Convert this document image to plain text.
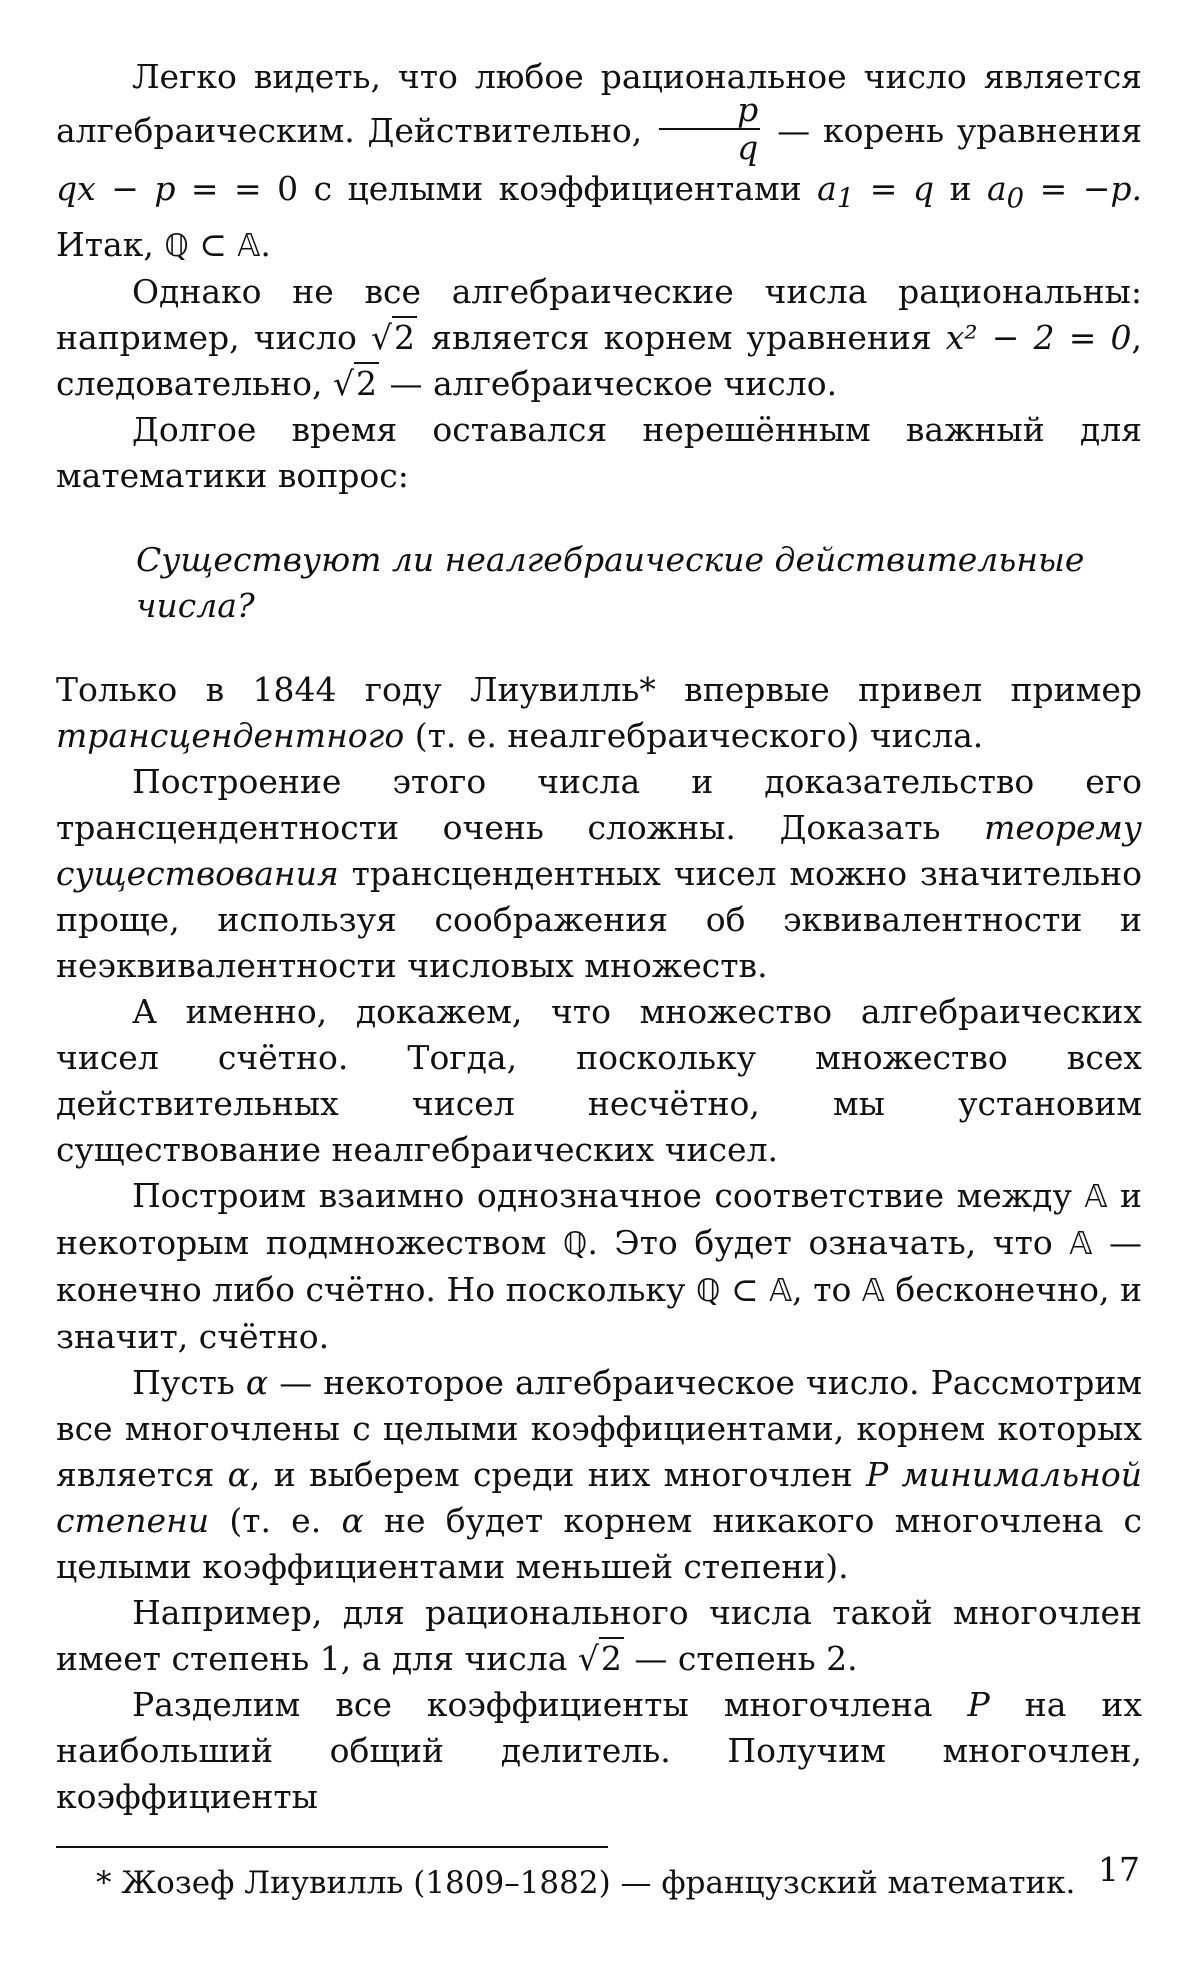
Легко видеть, что любое рациональное число является алгебраическим. Действительно, $\frac{p}{q}$ — корень уравнения qx − p = = 0 с целыми коэффициентами $a_1 = q$ и $a_0 = -p$. Итак, ℚ ⊂ 𝔸.

Однако не все алгебраические числа рациональны: например, число √2 является корнем уравнения x² − 2 = 0, следовательно, √2 — алгебраическое число.

Долгое время оставался нерешённым важный для математики вопрос:

Существуют ли неалгебраические действительные числа?

Только в 1844 году Лиувилль* впервые привел пример трансцендентного (т. е. неалгебраического) числа.

Построение этого числа и доказательство его трансцендентности очень сложны. Доказать теорему существования трансцендентных чисел можно значительно проще, используя соображения об эквивалентности и неэквивалентности числовых множеств.

А именно, докажем, что множество алгебраических чисел счётно. Тогда, поскольку множество всех действительных чисел несчётно, мы установим существование неалгебраических чисел.

Построим взаимно однозначное соответствие между 𝔸 и некоторым подмножеством ℚ. Это будет означать, что 𝔸 — конечно либо счётно. Но поскольку ℚ ⊂ 𝔸, то 𝔸 бесконечно, и значит, счётно.

Пусть α — некоторое алгебраическое число. Рассмотрим все многочлены с целыми коэффициентами, корнем которых является α, и выберем среди них многочлен P минимальной степени (т. е. α не будет корнем никакого многочлена с целыми коэффициентами меньшей степени).

Например, для рационального числа такой многочлен имеет степень 1, а для числа √2 — степень 2.

Разделим все коэффициенты многочлена P на их наибольший общий делитель. Получим многочлен, коэффициенты

* Жозеф Лиувилль (1809–1882) — французский математик. 17
